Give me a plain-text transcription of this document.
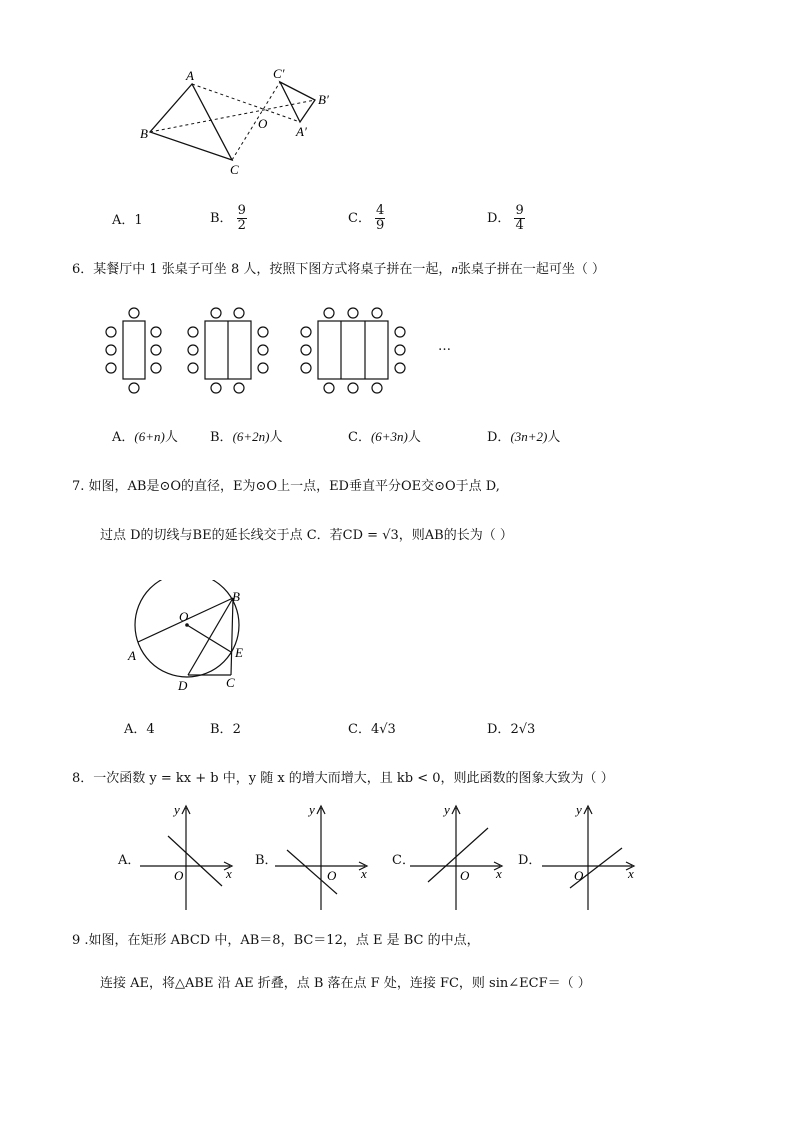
A
B
C
O
C′
B′
A′
A．1	B． $\frac{9}{2}$	C． $\frac{4}{9}$	D． $\frac{9}{4}$
6．某餐厅中 1 张桌子可坐 8 人，按照下图方式将桌子拼在一起，n张桌子拼在一起可坐（ ）
…
A．(6+n)人 B．(6+2n)人	C．(6+3n)人	D．(3n+2)人
7. 如图，AB是⊙O的直径，E为⊙O上一点，ED垂直平分OE交⊙O于点 D,
过点 D的切线与BE的延长线交于点 C．若CD = √3，则AB的长为（ ）
O
B
A	E
D	C
A．4	B．2	C．4√3	D．2√3
8．一次函数 y = kx + b 中，y 随 x 的增大而增大，且 kb < 0，则此函数的图象大致为（ ）
A．
y
x
O
B．
y
x
O
C．
y
x
O
D．
y
x
O
9 .如图，在矩形 ABCD 中，AB＝8，BC＝12，点 E 是 BC 的中点，
连接 AE，将△ABE 沿 AE 折叠，点 B 落在点 F 处，连接 FC，则 sin∠ECF＝（ ）
